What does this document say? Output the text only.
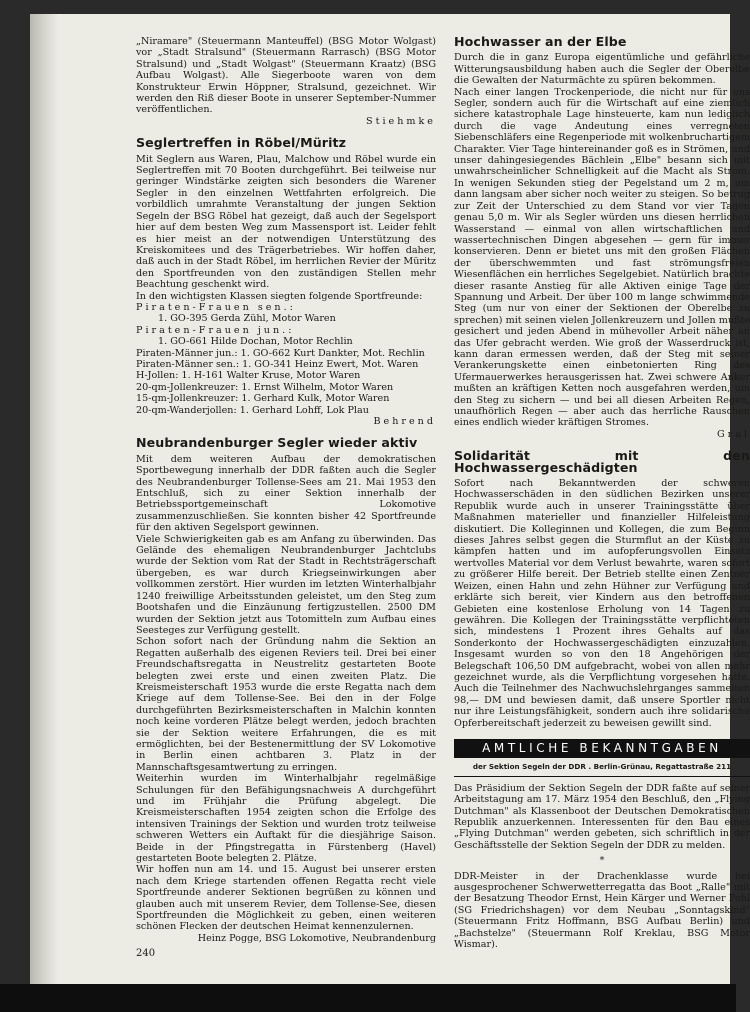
„Niramare" (Steuermann Manteuffel) (BSG Motor Wolgast) vor „Stadt Stralsund" (Steuermann Rarrasch) (BSG Motor Stralsund) und „Stadt Wolgast" (Steuermann Kraatz) (BSG Aufbau Wolgast). Alle Siegerboote waren von dem Konstrukteur Erwin Höppner, Stralsund, gezeichnet. Wir werden den Riß dieser Boote in unserer September-Nummer veröffentlichen.

Stiehmke

Seglertreffen in Röbel/Müritz

Mit Seglern aus Waren, Plau, Malchow und Röbel wurde ein Seglertreffen mit 70 Booten durchgeführt. Bei teilweise nur geringer Windstärke zeigten sich besonders die Warener Segler in den einzelnen Wettfahrten erfolgreich. Die vorbildlich umrahmte Veranstaltung der jungen Sektion Segeln der BSG Röbel hat gezeigt, daß auch der Segelsport hier auf dem besten Weg zum Massensport ist. Leider fehlt es hier meist an der notwendigen Unterstützung des Kreiskomitees und des Trägerbetriebes. Wir hoffen daher, daß auch in der Stadt Röbel, im herrlichen Revier der Müritz den Sportfreunden von den zuständigen Stellen mehr Beachtung geschenkt wird.

In den wichtigsten Klassen siegten folgende Sportfreunde:

Piraten-Frauen sen.:

1. GO-395 Gerda Zühl, Motor Waren

Piraten-Frauen jun.:

1. GO-661 Hilde Dochan, Motor Rechlin

Piraten-Männer jun.: 1. GO-662 Kurt Dankter, Mot. Rechlin

Piraten-Männer sen.: 1. GO-341 Heinz Ewert, Mot. Waren

H-Jollen: 1. H-161 Walter Kruse, Motor Waren

20-qm-Jollenkreuzer: 1. Ernst Wilhelm, Motor Waren

15-qm-Jollenkreuzer: 1. Gerhard Kulk, Motor Waren

20-qm-Wanderjollen: 1. Gerhard Lohff, Lok Plau

Behrend

Neubrandenburger Segler wieder aktiv

Mit dem weiteren Aufbau der demokratischen Sportbewegung innerhalb der DDR faßten auch die Segler des Neubrandenburger Tollense-Sees am 21. Mai 1953 den Entschluß, sich zu einer Sektion innerhalb der Betriebssportgemeinschaft Lokomotive zusammenzuschließen. Sie konnten bisher 42 Sportfreunde für den aktiven Segelsport gewinnen.

Viele Schwierigkeiten gab es am Anfang zu überwinden. Das Gelände des ehemaligen Neubrandenburger Jachtclubs wurde der Sektion vom Rat der Stadt in Rechtsträgerschaft übergeben, es war durch Kriegseinwirkungen aber vollkommen zerstört. Hier wurden im letzten Winterhalbjahr 1240 freiwillige Arbeitsstunden geleistet, um den Steg zum Bootshafen und die Einzäunung fertigzustellen. 2500 DM wurden der Sektion jetzt aus Totomitteln zum Aufbau eines Seesteges zur Verfügung gestellt.

Schon sofort nach der Gründung nahm die Sektion an Regatten außerhalb des eigenen Reviers teil. Drei bei einer Freundschaftsregatta in Neustrelitz gestarteten Boote belegten zwei erste und einen zweiten Platz. Die Kreismeisterschaft 1953 wurde die erste Regatta nach dem Kriege auf dem Tollense-See. Bei den in der Folge durchgeführten Bezirksmeisterschaften in Malchin konnten noch keine vorderen Plätze belegt werden, jedoch brachten sie der Sektion weitere Erfahrungen, die es mit ermöglichten, bei der Bestenermittlung der SV Lokomotive in Berlin einen achtbaren 3. Platz in der Mannschaftsgesamtwertung zu erringen.

Weiterhin wurden im Winterhalbjahr regelmäßige Schulungen für den Befähigungsnachweis A durchgeführt und im Frühjahr die Prüfung abgelegt. Die Kreismeisterschaften 1954 zeigten schon die Erfolge des intensiven Trainings der Sektion und wurden trotz teilweise schweren Wetters ein Auftakt für die diesjährige Saison. Beide in der Pfingstregatta in Fürstenberg (Havel) gestarteten Boote belegten 2. Plätze.

Wir hoffen nun am 14. und 15. August bei unserer ersten nach dem Kriege startenden offenen Regatta recht viele Sportfreunde anderer Sektionen begrüßen zu können und glauben auch mit unserem Revier, dem Tollense-See, diesen Sportfreunden die Möglichkeit zu geben, einen weiteren schönen Flecken der deutschen Heimat kennenzulernen.

Heinz Pogge, BSG Lokomotive, Neubrandenburg

Hochwasser an der Elbe

Durch die in ganz Europa eigentümliche und gefährliche Witterungsausbildung haben auch die Segler der Oberelbe die Gewalten der Naturmächte zu spüren bekommen.

Nach einer langen Trockenperiode, die nicht nur für uns Segler, sondern auch für die Wirtschaft auf eine ziemlich sichere katastrophale Lage hinsteuerte, kam nun lediglich durch die vage Andeutung eines verregneten Siebenschläfers eine Regenperiode mit wolkenbruchartigem Charakter. Vier Tage hintereinander goß es in Strömen, und unser dahingesiegendes Bächlein „Elbe" besann sich mit unwahrscheinlicher Schnelligkeit auf die Macht als Strom. In wenigen Sekunden stieg der Pegelstand um 2 m, um dann langsam aber sicher noch weiter zu steigen. So betrug zur Zeit der Unterschied zu dem Stand vor vier Tagen genau 5,0 m. Wir als Segler würden uns diesen herrlichen Wasserstand — einmal von allen wirtschaftlichen und wassertechnischen Dingen abgesehen — gern für immer konservieren. Denn er bietet uns mit den großen Flächen der überschwemmten und fast strömungsfreien Wiesenflächen ein herrliches Segelgebiet. Natürlich brachte dieser rasante Anstieg für alle Aktiven einige Tage der Spannung und Arbeit. Der über 100 m lange schwimmende Steg (um nur von einer der Sektionen der Oberelbe zu sprechen) mit seinen vielen Jollenkreuzern und Jollen mußte gesichert und jeden Abend in mühevoller Arbeit näher an das Ufer gebracht werden. Wie groß der Wasserdruck ist, kann daran ermessen werden, daß der Steg mit seiner Verankerungskette einen einbetonierten Ring des Ufermauerwerkes herausgerissen hat. Zwei schwere Anker mußten an kräftigen Ketten noch ausgefahren werden, um den Steg zu sichern — und bei all diesen Arbeiten Regen, unaufhörlich Regen — aber auch das herrliche Rauschen eines endlich wieder kräftigen Stromes.

Gral

Solidarität mit den Hochwassergeschädigten

Sofort nach Bekanntwerden der schweren Hochwasserschäden in den südlichen Bezirken unserer Republik wurde auch in unserer Trainingsstätte über Maßnahmen materieller und finanzieller Hilfeleistung diskutiert. Die Kolleginnen und Kollegen, die zum Beginn dieses Jahres selbst gegen die Sturmflut an der Küste zu kämpfen hatten und im aufopferungsvollen Einsatz wertvolles Material vor dem Verlust bewahrte, waren sofort zu größerer Hilfe bereit. Der Betrieb stellte einen Zentner Weizen, einen Hahn und zehn Hühner zur Verfügung und erklärte sich bereit, vier Kindern aus den betroffenen Gebieten eine kostenlose Erholung von 14 Tagen zu gewähren. Die Kollegen der Trainingsstätte verpflichteten sich, mindestens 1 Prozent ihres Gehalts auf das Sonderkonto der Hochwassergeschädigten einzuzahlen. Insgesamt wurden so von den 18 Angehörigen der Belegschaft 106,50 DM aufgebracht, wobei von allen mehr gezeichnet wurde, als die Verpflichtung vorgesehen hatte. Auch die Teilnehmer des Nachwuchslehrganges sammelten 98,— DM und bewiesen damit, daß unsere Sportler nicht nur ihre Leistungsfähigkeit, sondern auch ihre solidarische Opferbereitschaft jederzeit zu beweisen gewillt sind.

AMTLICHE BEKANNTGABEN
der Sektion Segeln der DDR . Berlin-Grünau, Regattastraße 211

Das Präsidium der Sektion Segeln der DDR faßte auf seiner Arbeitstagung am 17. März 1954 den Beschluß, den „Flying Dutchman" als Klassenboot der Deutschen Demokratischen Republik anzuerkennen. Interessenten für den Bau eines „Flying Dutchman" werden gebeten, sich schriftlich in der Geschäftsstelle der Sektion Segeln der DDR zu melden.

*

DDR-Meister in der Drachenklasse wurde bei ausgesprochener Schwerwetterregatta das Boot „Ralle" mit der Besatzung Theodor Ernst, Hein Kärger und Werner Pohl (SG Friedrichshagen) vor dem Neubau „Sonntagskind" (Steuermann Fritz Hoffmann, BSG Aufbau Berlin) und „Bachstelze" (Steuermann Rolf Kreklau, BSG Motor Wismar).

240
